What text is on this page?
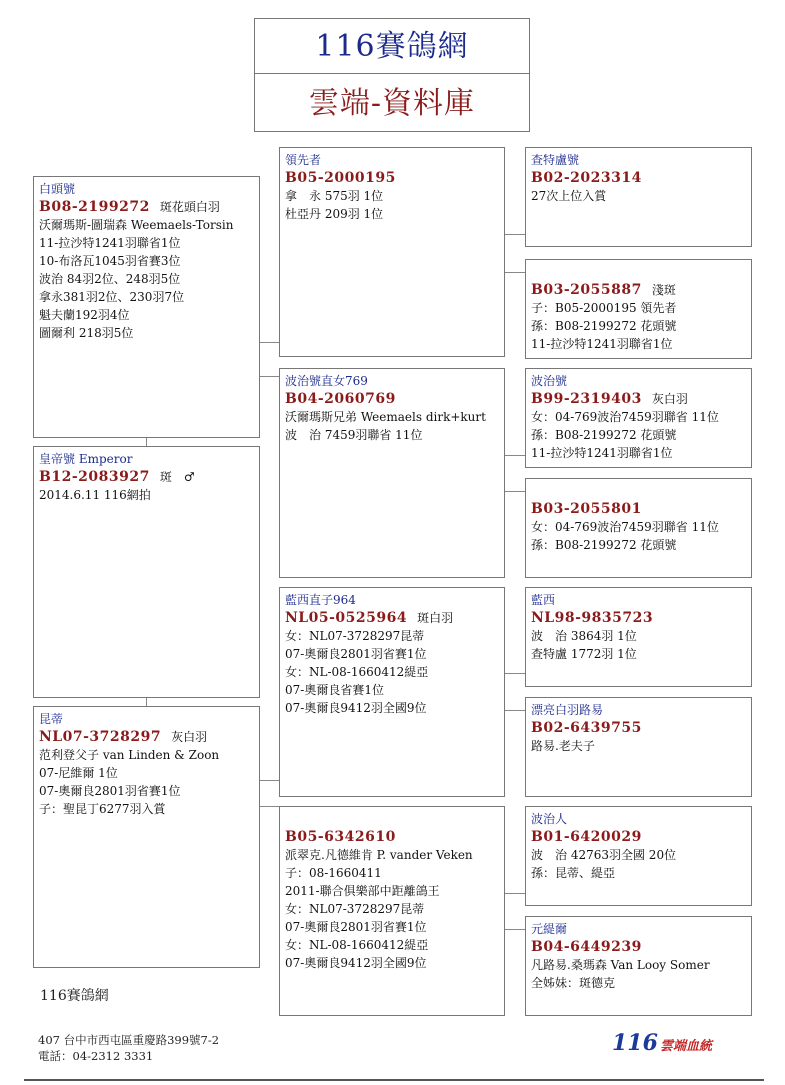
116賽鴿網
雲端-資料庫
白頭號
B08-2199272 斑花頭白羽
沃爾瑪斯-圖瑞森 Weemaels-Torsin
11-拉沙特1241羽聯省1位
10-布洛瓦1045羽省賽3位
波治 84羽2位、248羽5位
拿永381羽2位、230羽7位
魁夫蘭192羽4位
圖爾利 218羽5位
皇帝號 Emperor
B12-2083927 斑　♂
2014.6.11 116網拍
昆蒂
NL07-3728297 灰白羽
范利登父子 van Linden & Zoon
07-尼維爾 1位
07-奧爾良2801羽省賽1位
子：聖昆丁6277羽入賞
領先者
B05-2000195
拿　永 575羽 1位
杜亞丹 209羽 1位
波治號直女769
B04-2060769
沃爾瑪斯兄弟 Weemaels dirk+kurt
波　治 7459羽聯省 11位
藍西直子964
NL05-0525964 斑白羽
女：NL07-3728297昆蒂
07-奧爾良2801羽省賽1位
女：NL-08-1660412緹亞
07-奧爾良省賽1位
07-奧爾良9412羽全國9位
B05-6342610
派翠克.凡德維肯 P. vander Veken
子：08-1660411
2011-聯合俱樂部中距離鴿王
女：NL07-3728297昆蒂
07-奧爾良2801羽省賽1位
女：NL-08-1660412緹亞
07-奧爾良9412羽全國9位
查特盧號
B02-2023314
27次上位入賞
B03-2055887 淺斑
子：B05-2000195 領先者
孫：B08-2199272 花頭號
11-拉沙特1241羽聯省1位
波治號
B99-2319403 灰白羽
女：04-769波治7459羽聯省 11位
孫：B08-2199272 花頭號
11-拉沙特1241羽聯省1位
B03-2055801
女：04-769波治7459羽聯省 11位
孫：B08-2199272 花頭號
藍西
NL98-9835723
波　治 3864羽 1位
查特盧 1772羽 1位
漂亮白羽路易
B02-6439755
路易.老夫子
波治人
B01-6420029
波　治 42763羽全國 20位
孫：昆蒂、緹亞
元緹爾
B04-6449239
凡路易.桑瑪森 Van Looy Somer
全姊妹：斑德克
116賽鴿網
407 台中市西屯區重慶路399號7-2
電話：04-2312 3331	116 雲端血統
